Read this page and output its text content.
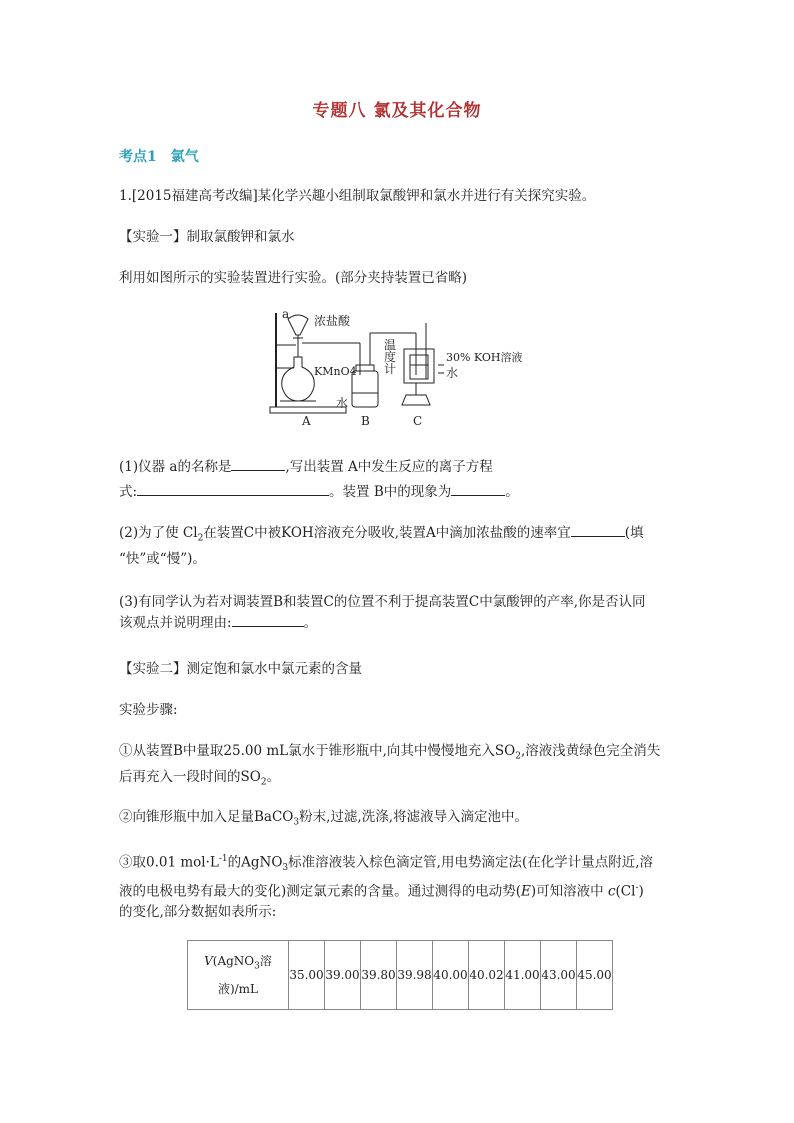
专题八 氯及其化合物
考点1 氯气
1.[2015福建高考改编]某化学兴趣小组制取氯酸钾和氯水并进行有关探究实验。
【实验一】制取氯酸钾和氯水
利用如图所示的实验装置进行实验。(部分夹持装置已省略)
a 浓盐酸
KMnO4
水
温
度
计
30% KOH溶液
水
A	B	C
(1)仪器 a的名称是	,写出装置 A中发生反应的离子方程
式:	。装置 B中的现象为	。
(2)为了使 $Cl_2$在装置C中被KOH溶液充分吸收,装置A中滴加浓盐酸的速率宜	(填
“快”或“慢”)。
(3)有同学认为若对调装置B和装置C的位置不利于提高装置C中氯酸钾的产率,你是否认同
该观点并说明理由:	。
【实验二】测定饱和氯水中氯元素的含量
实验步骤:
①从装置B中量取25.00 mL氯水于锥形瓶中,向其中慢慢地充入$SO_2$,溶液浅黄绿色完全消失
后再充入一段时间的$SO_2$。
②向锥形瓶中加入足量BaCO$_3$粉末,过滤,洗涤,将滤液导入滴定池中。
③取0.01 $mol\cdot L^{-1}$的AgNO$_3$标准溶液装入棕色滴定管,用电势滴定法(在化学计量点附近,溶
液的电极电势有最大的变化)测定氯元素的含量。通过测得的电动势(E)可知溶液中 c(Cl-)
的变化,部分数据如表所示:
V(AgNO$_3$溶
液)/mL	35.00	39.00	39.80	39.98	40.00	40.02	41.00	43.00	45.00
